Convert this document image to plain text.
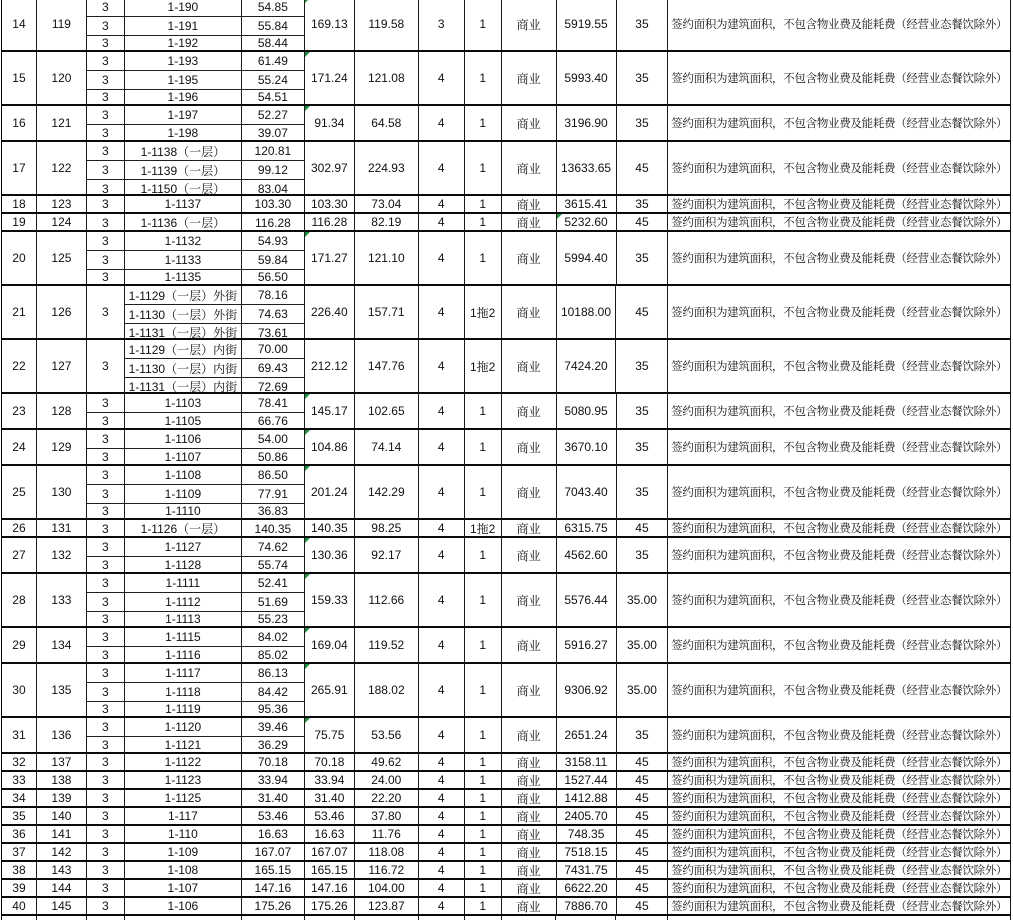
14 119
3	1-190	54.85
3	1-191	55.84
3	1-192	58.44
169.13 119.58	3	1	商业 5919.55 35 签约面积为建筑面积，不包含物业费及能耗费（经营业态餐饮除外）
15 120
3	1-193	61.49
3	1-195	55.24
3	1-196	54.51
171.24 121.08	4	1	商业 5993.40 35 签约面积为建筑面积，不包含物业费及能耗费（经营业态餐饮除外）
16 121
3	1-197	52.27
3	1-198	39.07
91.34 64.58	4	1	商业 3196.90 35 签约面积为建筑面积，不包含物业费及能耗费（经营业态餐饮除外）
17 122
3	1-1138（一层） 120.81
3	1-1139（一层）	99.12
3	1-1150（一层）	83.04
302.97 224.93	4	1	商业 13633.65 45 签约面积为建筑面积，不包含物业费及能耗费（经营业态餐饮除外）
18 123	3	1-1137	103.30 103.30 73.04	4	1	商业 3615.41 35 签约面积为建筑面积，不包含物业费及能耗费（经营业态餐饮除外）
19 124	3	1-1136（一层） 116.28 116.28 82.19	4	1	商业 5232.60 45 签约面积为建筑面积，不包含物业费及能耗费（经营业态餐饮除外）
20 125
3	1-1132	54.93
3	1-1133	59.84
3	1-1135	56.50
171.27 121.10	4	1	商业 5994.40 35 签约面积为建筑面积，不包含物业费及能耗费（经营业态餐饮除外）
21 126	3
1-1129（一层）外街 78.16
1-1130（一层）外街 74.63
1-1131（一层）外街 73.61
226.40 157.71	4 1拖2 商业 10188.00 45 签约面积为建筑面积，不包含物业费及能耗费（经营业态餐饮除外）
22 127	3
1-1129（一层）内街 70.00
1-1130（一层）内街 69.43
1-1131（一层）内街 72.69
212.12 147.76	4 1拖2 商业 7424.20 35 签约面积为建筑面积，不包含物业费及能耗费（经营业态餐饮除外）
23 128
3	1-1103	78.41
3	1-1105	66.76
145.17 102.65	4	1	商业 5080.95 35 签约面积为建筑面积，不包含物业费及能耗费（经营业态餐饮除外）
24 129
3	1-1106	54.00
3	1-1107	50.86
104.86 74.14	4	1	商业 3670.10 35 签约面积为建筑面积，不包含物业费及能耗费（经营业态餐饮除外）
25 130
3	1-1108	86.50
3	1-1109	77.91
3	1-1110	36.83
201.24 142.29	4	1	商业 7043.40 35 签约面积为建筑面积，不包含物业费及能耗费（经营业态餐饮除外）
26 131	3	1-1126（一层） 140.35 140.35 98.25	4 1拖2 商业 6315.75 45 签约面积为建筑面积，不包含物业费及能耗费（经营业态餐饮除外）
27 132
3	1-1127	74.62
3	1-1128	55.74
130.36 92.17	4	1	商业 4562.60 35 签约面积为建筑面积，不包含物业费及能耗费（经营业态餐饮除外）
28 133
3	1-1111	52.41
3	1-1112	51.69
3	1-1113	55.23
159.33 112.66	4	1	商业 5576.44 35.00 签约面积为建筑面积，不包含物业费及能耗费（经营业态餐饮除外）
29 134
3	1-1115	84.02
3	1-1116	85.02
169.04 119.52	4	1	商业 5916.27 35.00 签约面积为建筑面积，不包含物业费及能耗费（经营业态餐饮除外）
30 135
3	1-1117	86.13
3	1-1118	84.42
3	1-1119	95.36
265.91 188.02	4	1	商业 9306.92 35.00 签约面积为建筑面积，不包含物业费及能耗费（经营业态餐饮除外）
31 136
3	1-1120	39.46
3	1-1121	36.29
75.75 53.56	4	1	商业 2651.24 35 签约面积为建筑面积，不包含物业费及能耗费（经营业态餐饮除外）
32 137	3	1-1122	70.18 70.18 49.62	4	1	商业 3158.11 45 签约面积为建筑面积，不包含物业费及能耗费（经营业态餐饮除外）
33 138	3	1-1123	33.94 33.94 24.00	4	1	商业 1527.44 45 签约面积为建筑面积，不包含物业费及能耗费（经营业态餐饮除外）
34 139	3	1-1125	31.40 31.40 22.20	4	1	商业 1412.88 45 签约面积为建筑面积，不包含物业费及能耗费（经营业态餐饮除外）
35 140	3	1-117	53.46 53.46 37.80	4	1	商业 2405.70 45 签约面积为建筑面积，不包含物业费及能耗费（经营业态餐饮除外）
36 141	3	1-110	16.63 16.63 11.76	4	1	商业 748.35	45 签约面积为建筑面积，不包含物业费及能耗费（经营业态餐饮除外）
37 142	3	1-109	167.07 167.07 118.08	4	1	商业 7518.15 45 签约面积为建筑面积，不包含物业费及能耗费（经营业态餐饮除外）
38 143	3	1-108	165.15 165.15 116.72	4	1	商业 7431.75 45 签约面积为建筑面积，不包含物业费及能耗费（经营业态餐饮除外）
39 144	3	1-107	147.16 147.16 104.00	4	1	商业 6622.20 45 签约面积为建筑面积，不包含物业费及能耗费（经营业态餐饮除外）
40 145	3	1-106	175.26 175.26 123.87	4	1	商业 7886.70 45 签约面积为建筑面积，不包含物业费及能耗费（经营业态餐饮除外）
